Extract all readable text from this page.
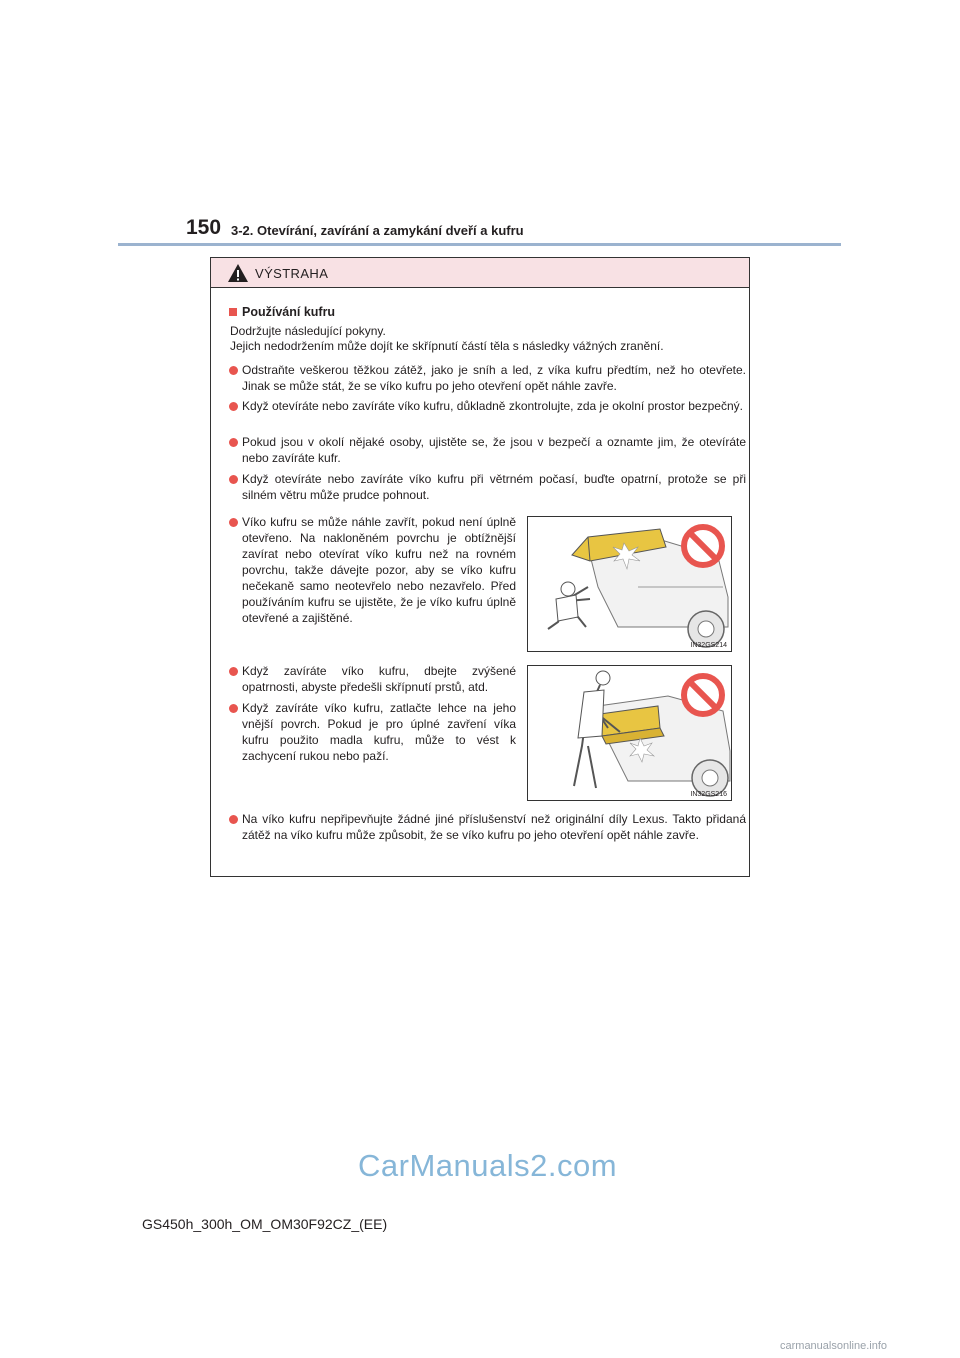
150 3-2. Otevírání, zavírání a zamykání dveří a kufru
VÝSTRAHA
Používání kufru
Dodržujte následující pokyny.
Jejich nedodržením může dojít ke skřípnutí částí těla s následky vážných zranění.
Odstraňte veškerou těžkou zátěž, jako je sníh a led, z víka kufru předtím, než ho otevřete. Jinak se může stát, že se víko kufru po jeho otevření opět náhle zavře.
Když otevíráte nebo zavíráte víko kufru, důkladně zkontrolujte, zda je okolní prostor bezpečný.
Pokud jsou v okolí nějaké osoby, ujistěte se, že jsou v bezpečí a oznamte jim, že otevíráte nebo zavíráte kufr.
Když otevíráte nebo zavíráte víko kufru při větrném počasí, buďte opatrní, protože se při silném větru může prudce pohnout.
Víko kufru se může náhle zavřít, pokud není úplně otevřeno. Na nakloněném povrchu je obtížnější zavírat nebo otevírat víko kufru než na rovném povrchu, takže dávejte pozor, aby se víko kufru nečekaně samo neotevřelo nebo nezavřelo. Před používáním kufru se ujistěte, že je víko kufru úplně otevřené a zajištěné.
IN32GS214
Když zavíráte víko kufru, dbejte zvýšené opatrnosti, abyste předešli skřípnutí prstů, atd.
Když zavíráte víko kufru, zatlačte lehce na jeho vnější povrch. Pokud je pro úplné zavření víka kufru použito madla kufru, může to vést k zachycení rukou nebo paží.
IN32GS216
Na víko kufru nepřipevňujte žádné jiné příslušenství než originální díly Lexus. Takto přidaná zátěž na víko kufru může způsobit, že se víko kufru po jeho otevření opět náhle zavře.
CarManuals2.com
GS450h_300h_OM_OM30F92CZ_(EE)
carmanualsonline.info
